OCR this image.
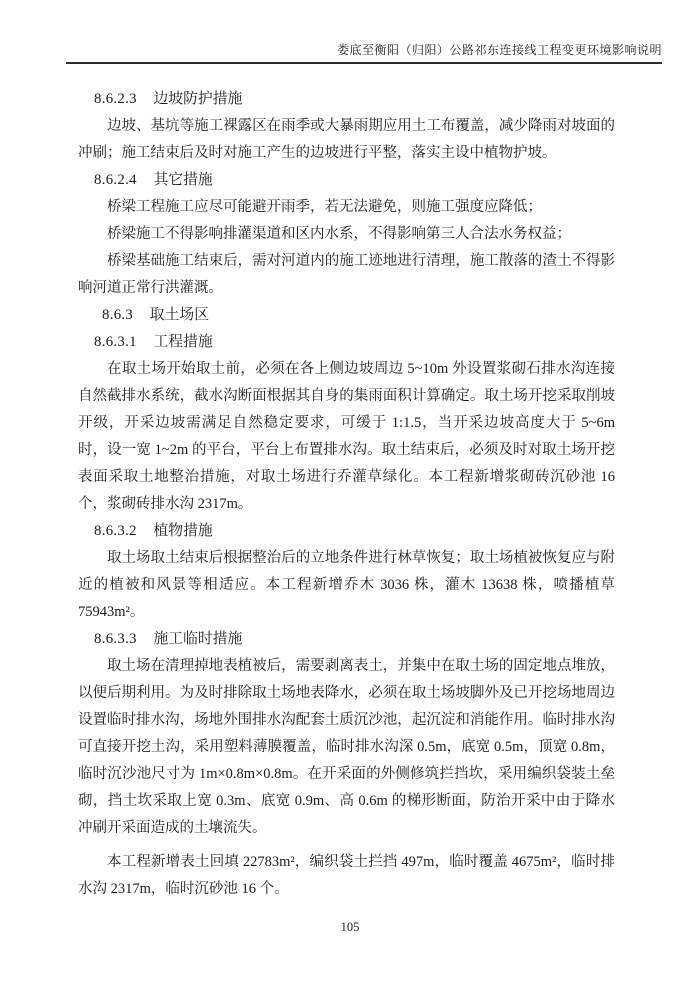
娄底至衡阳（归阳）公路祁东连接线工程变更环境影响说明
8.6.2.3 边坡防护措施

边坡、基坑等施工裸露区在雨季或大暴雨期应用土工布覆盖，减少降雨对坡面的冲刷；施工结束后及时对施工产生的边坡进行平整，落实主设中植物护坡。

8.6.2.4 其它措施

桥梁工程施工应尽可能避开雨季，若无法避免，则施工强度应降低；

桥梁施工不得影响排灌渠道和区内水系，不得影响第三人合法水务权益；

桥梁基础施工结束后，需对河道内的施工迹地进行清理，施工散落的渣土不得影响河道正常行洪灌溉。

8.6.3 取土场区
8.6.3.1 工程措施

在取土场开始取土前，必须在各上侧边坡周边 5~10m 外设置浆砌石排水沟连接自然截排水系统，截水沟断面根据其自身的集雨面积计算确定。取土场开挖采取削坡开级，开采边坡需满足自然稳定要求，可缓于 1:1.5，当开采边坡高度大于 5~6m 时，设一宽 1~2m 的平台，平台上布置排水沟。取土结束后，必须及时对取土场开挖表面采取土地整治措施，对取土场进行乔灌草绿化。本工程新增浆砌砖沉砂池 16 个，浆砌砖排水沟 2317m。

8.6.3.2 植物措施

取土场取土结束后根据整治后的立地条件进行林草恢复；取土场植被恢复应与附近的植被和风景等相适应。本工程新增乔木 3036 株，灌木 13638 株，喷播植草 75943m²。

8.6.3.3 施工临时措施

取土场在清理掉地表植被后，需要剥离表土，并集中在取土场的固定地点堆放，以便后期利用。为及时排除取土场地表降水，必须在取土场坡脚外及已开挖场地周边设置临时排水沟，场地外围排水沟配套土质沉沙池，起沉淀和消能作用。临时排水沟可直接开挖土沟，采用塑料薄膜覆盖，临时排水沟深 0.5m，底宽 0.5m，顶宽 0.8m，临时沉沙池尺寸为 1m×0.8m×0.8m。在开采面的外侧修筑拦挡坎，采用编织袋装土垒砌，挡土坎采取上宽 0.3m、底宽 0.9m、高 0.6m 的梯形断面，防治开采中由于降水冲刷开采面造成的土壤流失。

本工程新增表土回填 22783m²，编织袋土拦挡 497m，临时覆盖 4675m²，临时排水沟 2317m，临时沉砂池 16 个。

105
